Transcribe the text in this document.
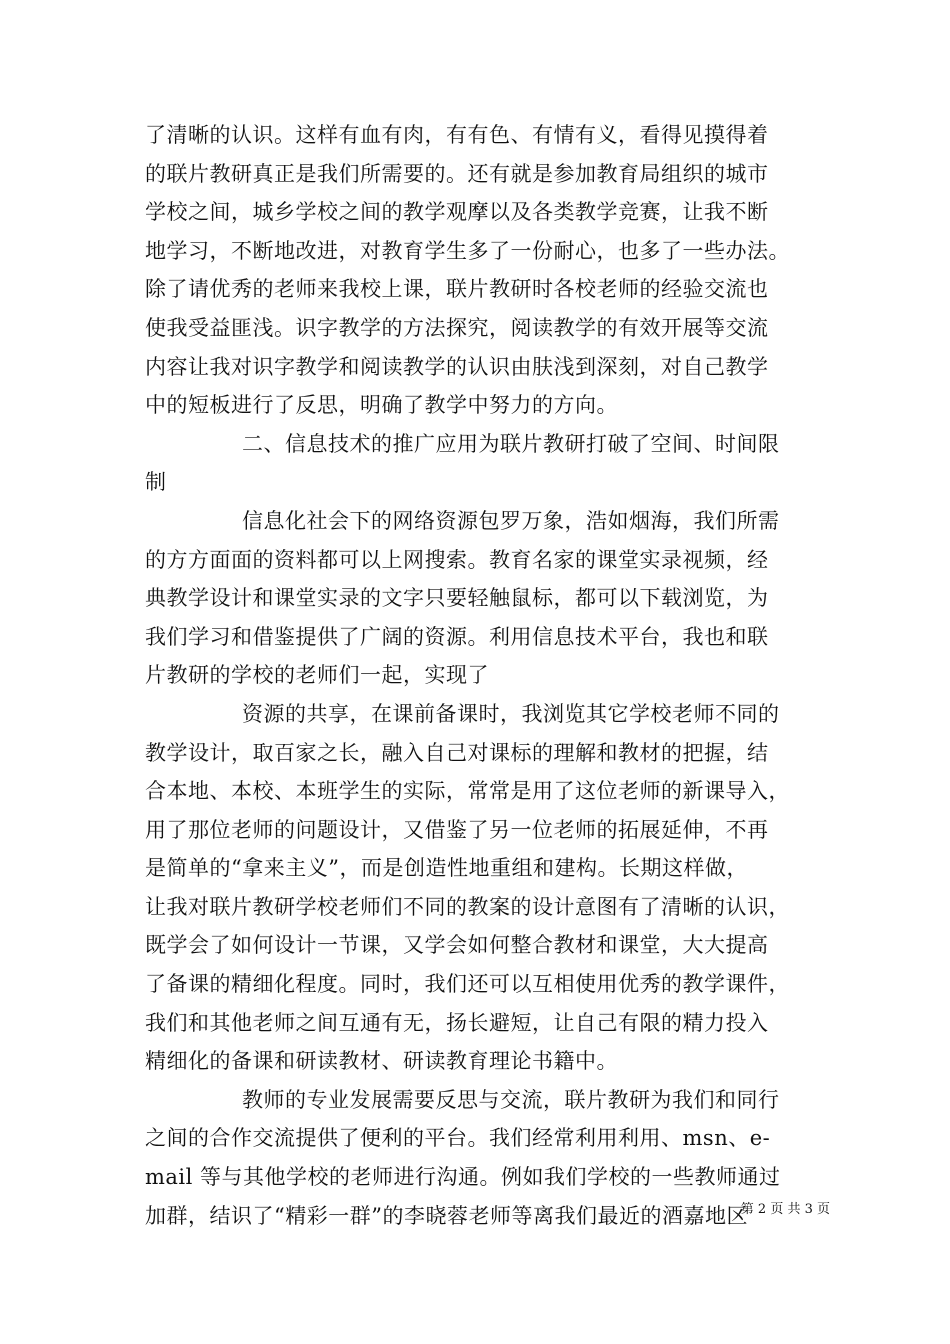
了清晰的认识。这样有血有肉，有有色、有情有义，看得见摸得着
的联片教研真正是我们所需要的。还有就是参加教育局组织的城市
学校之间，城乡学校之间的教学观摩以及各类教学竞赛，让我不断
地学习，不断地改进，对教育学生多了一份耐心，也多了一些办法。
除了请优秀的老师来我校上课，联片教研时各校老师的经验交流也
使我受益匪浅。识字教学的方法探究，阅读教学的有效开展等交流
内容让我对识字教学和阅读教学的认识由肤浅到深刻，对自己教学
中的短板进行了反思，明确了教学中努力的方向。
二、信息技术的推广应用为联片教研打破了空间、时间限
制
信息化社会下的网络资源包罗万象，浩如烟海，我们所需
的方方面面的资料都可以上网搜索。教育名家的课堂实录视频，经
典教学设计和课堂实录的文字只要轻触鼠标，都可以下载浏览，为
我们学习和借鉴提供了广阔的资源。利用信息技术平台，我也和联
片教研的学校的老师们一起，实现了
资源的共享，在课前备课时，我浏览其它学校老师不同的
教学设计，取百家之长，融入自己对课标的理解和教材的把握，结
合本地、本校、本班学生的实际，常常是用了这位老师的新课导入，
用了那位老师的问题设计，又借鉴了另一位老师的拓展延伸，不再
是简单的“拿来主义”，而是创造性地重组和建构。长期这样做，
让我对联片教研学校老师们不同的教案的设计意图有了清晰的认识，
既学会了如何设计一节课，又学会如何整合教材和课堂，大大提高
了备课的精细化程度。同时，我们还可以互相使用优秀的教学课件，
我们和其他老师之间互通有无，扬长避短，让自己有限的精力投入
精细化的备课和研读教材、研读教育理论书籍中。
教师的专业发展需要反思与交流，联片教研为我们和同行
之间的合作交流提供了便利的平台。我们经常利用利用、msn、e-
mail 等与其他学校的老师进行沟通。例如我们学校的一些教师通过
加群，结识了“精彩一群”的李晓蓉老师等离我们最近的酒嘉地区
第 2 页 共 3 页
